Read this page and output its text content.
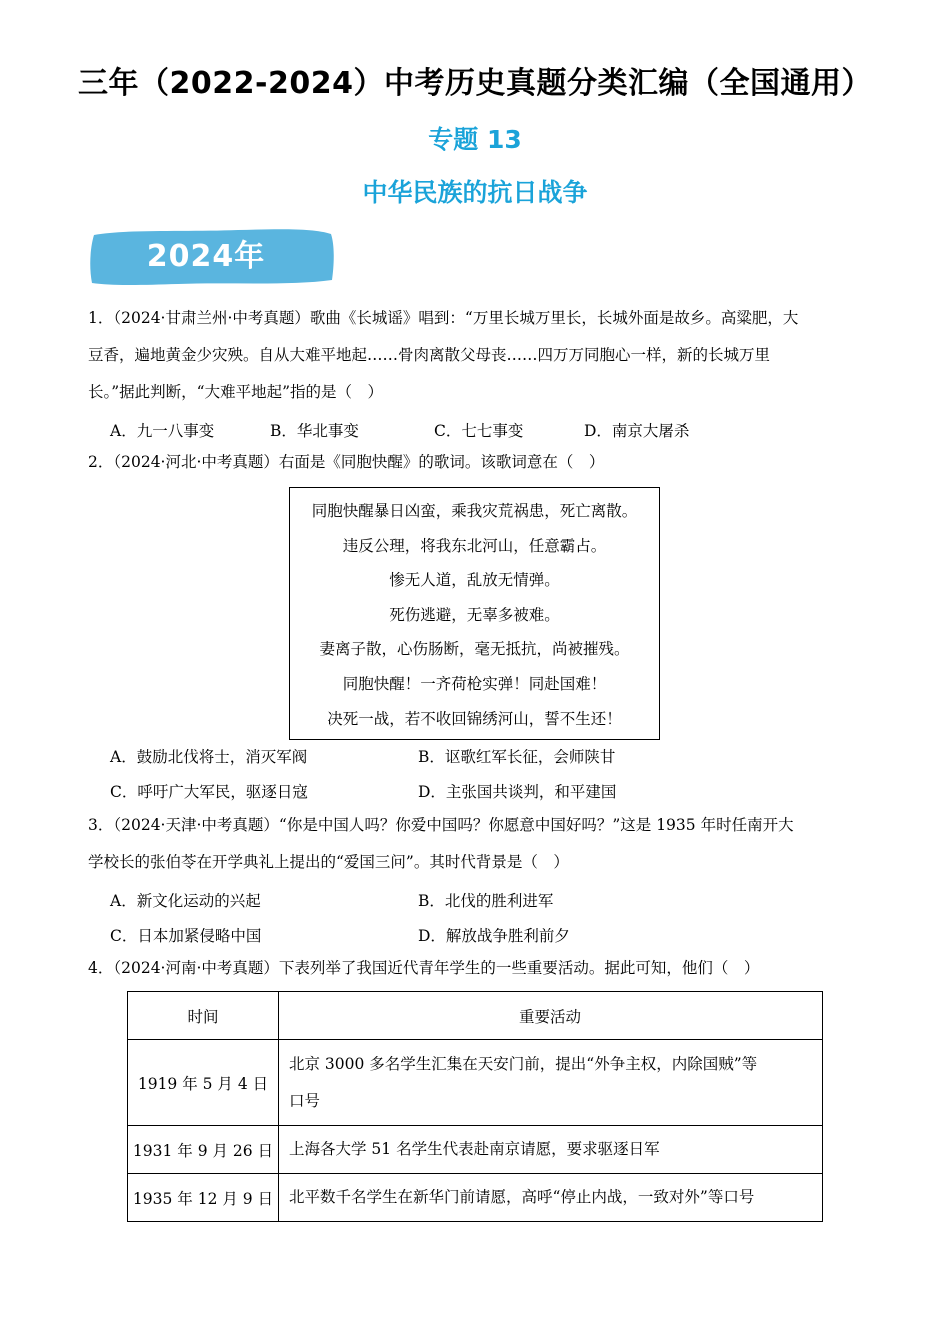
三年（2022-2024）中考历史真题分类汇编（全国通用）
专题 13
中华民族的抗日战争
2024年
1．（2024·甘肃兰州·中考真题）歌曲《长城谣》唱到：“万里长城万里长，长城外面是故乡。高粱肥，大
豆香，遍地黄金少灾殃。自从大难平地起……骨肉离散父母丧……四万万同胞心一样，新的长城万里
长。”据此判断，“大难平地起”指的是（　）
A．九一八事变	B．华北事变	C．七七事变	D．南京大屠杀
2．（2024·河北·中考真题）右面是《同胞快醒》的歌词。该歌词意在（　）
同胞快醒暴日凶蛮，乘我灾荒祸患，死亡离散。
违反公理，将我东北河山，任意霸占。
惨无人道，乱放无情弹。
死伤逃避，无辜多被难。
妻离子散，心伤肠断，毫无抵抗，尚被摧残。
同胞快醒！一齐荷枪实弹！同赴国难！
决死一战，若不收回锦绣河山，誓不生还！
A．鼓励北伐将士，消灭军阀	B．讴歌红军长征，会师陕甘
C．呼吁广大军民，驱逐日寇	D．主张国共谈判，和平建国
3．（2024·天津·中考真题）“你是中国人吗？你爱中国吗？你愿意中国好吗？”这是 1935 年时任南开大
学校长的张伯苓在开学典礼上提出的“爱国三问”。其时代背景是（　）
A．新文化运动的兴起	B．北伐的胜利进军
C．日本加紧侵略中国	D．解放战争胜利前夕
4．（2024·河南·中考真题）下表列举了我国近代青年学生的一些重要活动。据此可知，他们（　）
时间	重要活动
1919 年 5 月 4 日	北京 3000 多名学生汇集在天安门前，提出“外争主权，内除国贼”等
口号

1931 年 9 月 26 日	上海各大学 51 名学生代表赴南京请愿，要求驱逐日军

1935 年 12 月 9 日	北平数千名学生在新华门前请愿，高呼“停止内战，一致对外”等口号
